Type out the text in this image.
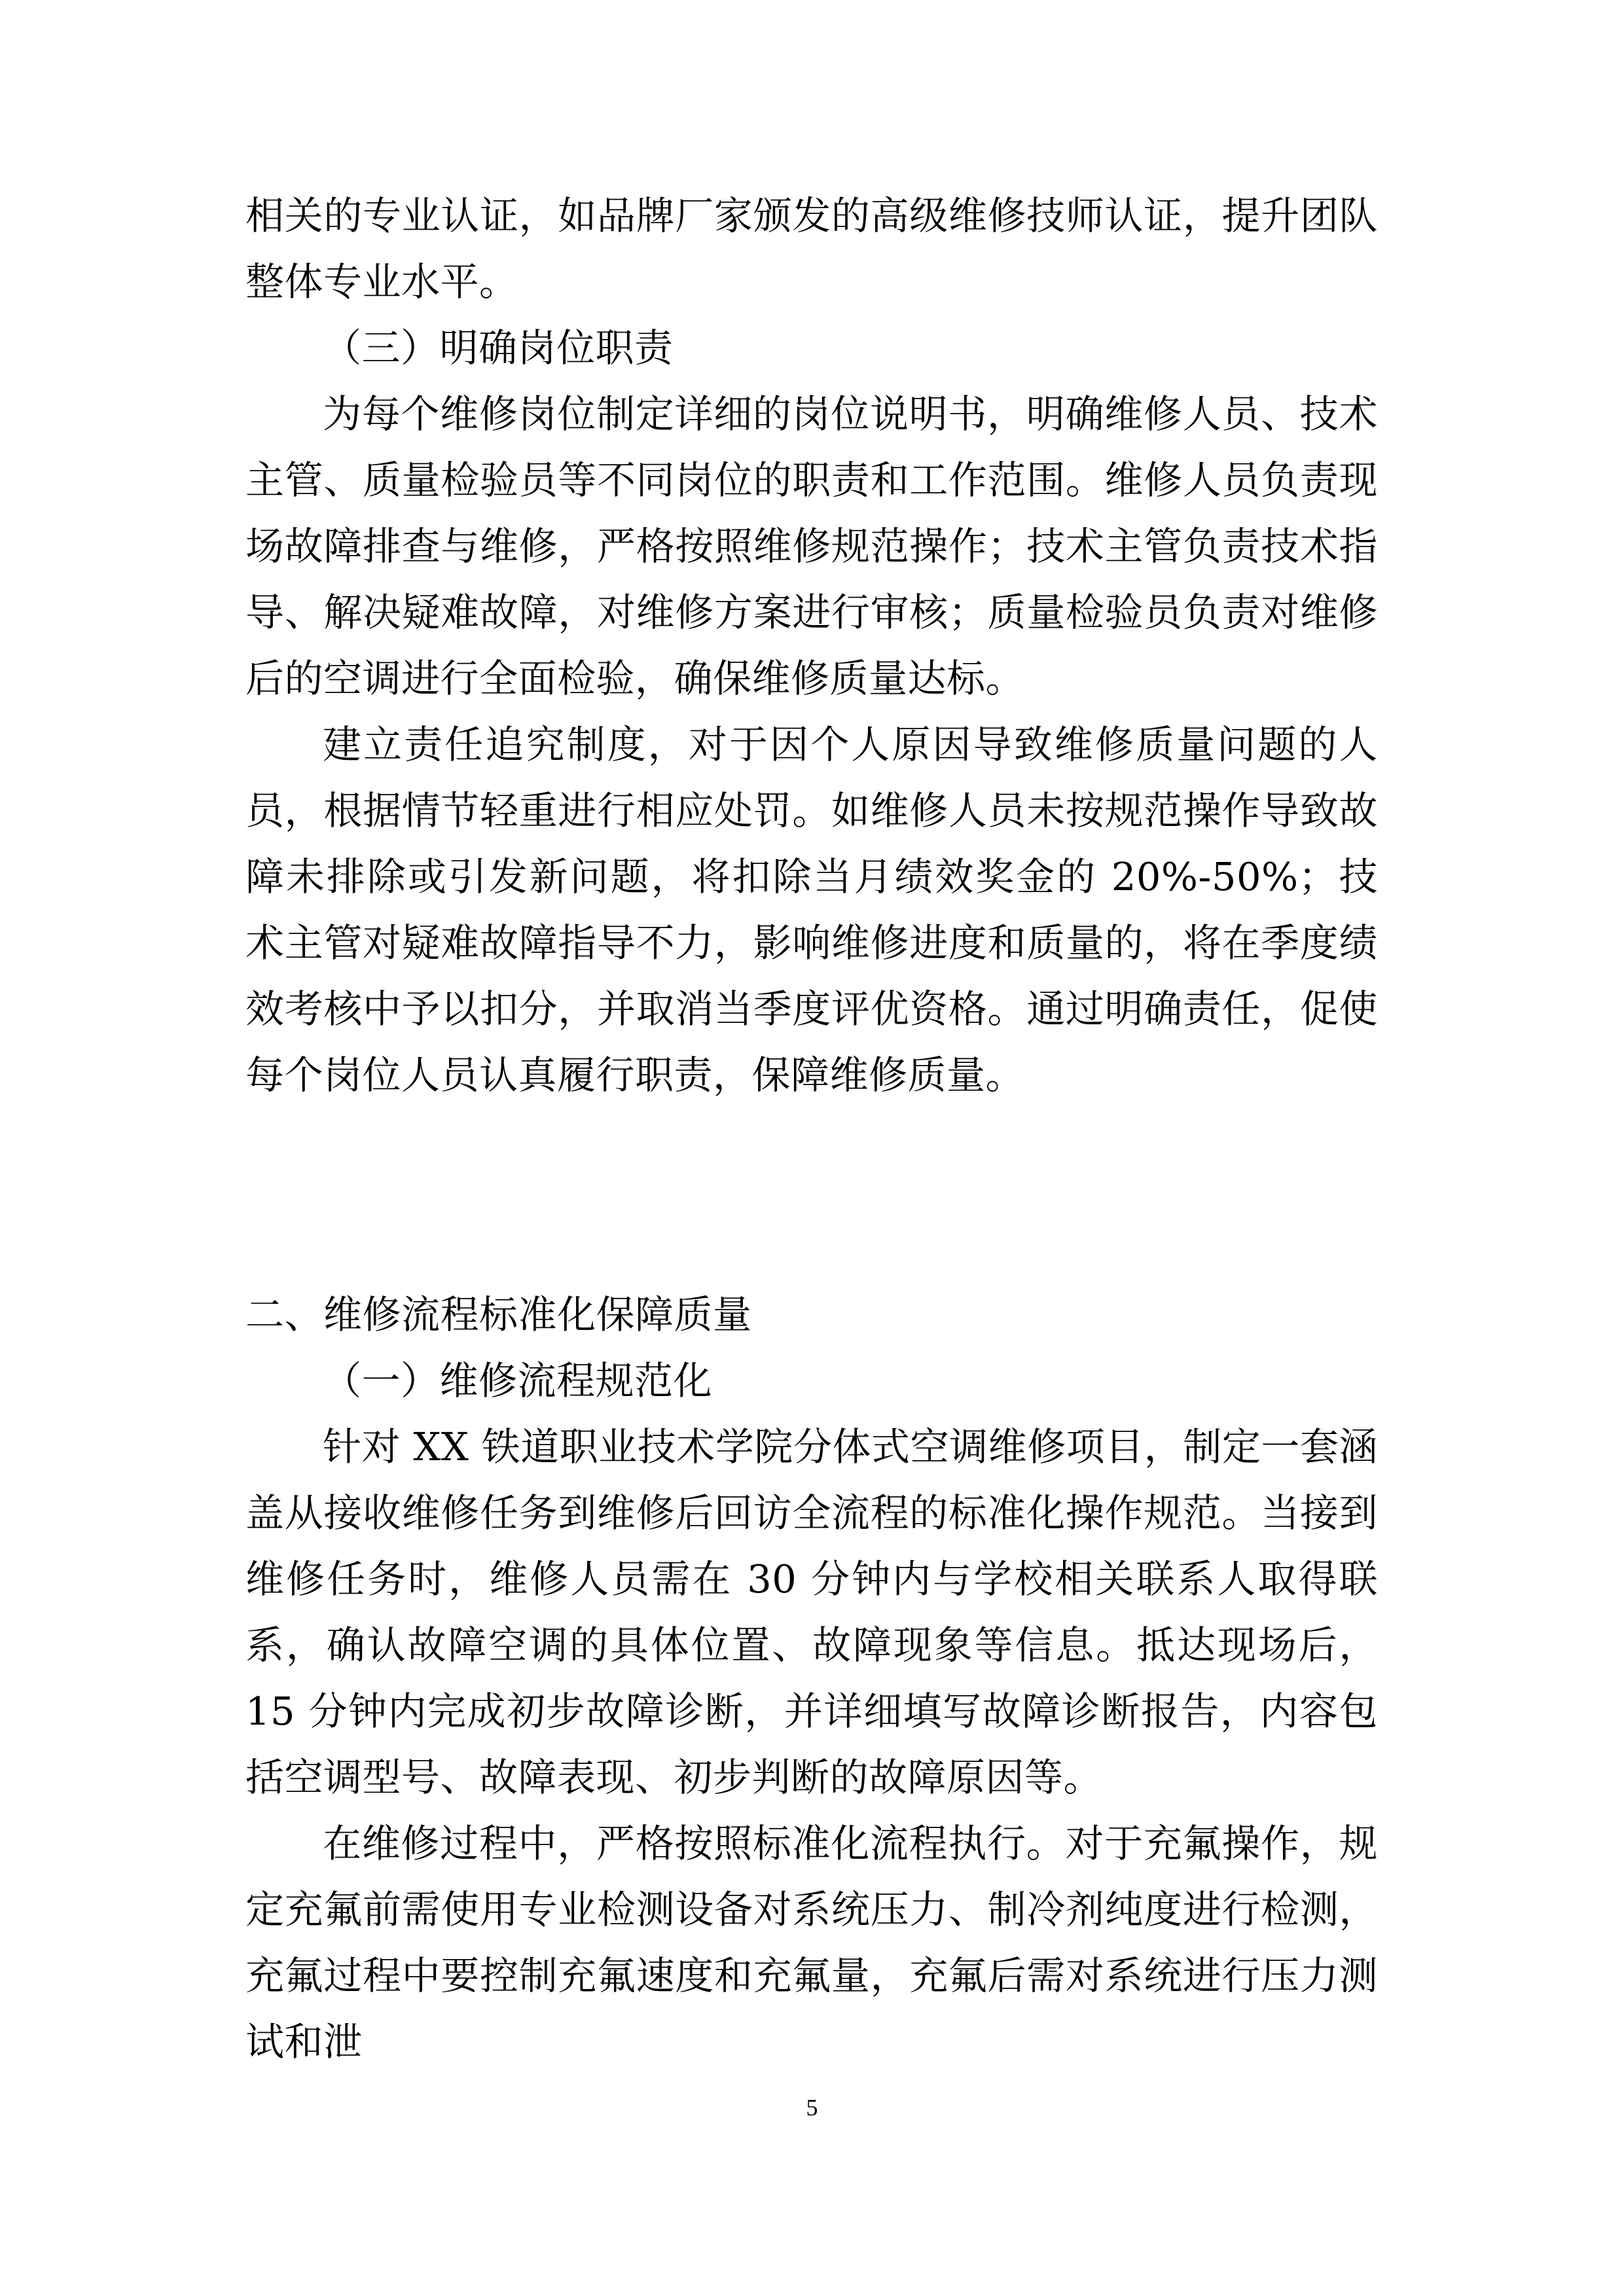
相关的专业认证，如品牌厂家颁发的高级维修技师认证，提升团队整体专业水平。

（三）明确岗位职责

为每个维修岗位制定详细的岗位说明书，明确维修人员、技术主管、质量检验员等不同岗位的职责和工作范围。维修人员负责现场故障排查与维修，严格按照维修规范操作；技术主管负责技术指导、解决疑难故障，对维修方案进行审核；质量检验员负责对维修后的空调进行全面检验，确保维修质量达标。

建立责任追究制度，对于因个人原因导致维修质量问题的人员，根据情节轻重进行相应处罚。如维修人员未按规范操作导致故障未排除或引发新问题，将扣除当月绩效奖金的 20%-50%；技术主管对疑难故障指导不力，影响维修进度和质量的，将在季度绩效考核中予以扣分，并取消当季度评优资格。通过明确责任，促使每个岗位人员认真履行职责，保障维修质量。

二、维修流程标准化保障质量

（一）维修流程规范化

针对 XX 铁道职业技术学院分体式空调维修项目，制定一套涵盖从接收维修任务到维修后回访全流程的标准化操作规范。当接到维修任务时，维修人员需在 30 分钟内与学校相关联系人取得联系，确认故障空调的具体位置、故障现象等信息。抵达现场后，15 分钟内完成初步故障诊断，并详细填写故障诊断报告，内容包括空调型号、故障表现、初步判断的故障原因等。

在维修过程中，严格按照标准化流程执行。对于充氟操作，规定充氟前需使用专业检测设备对系统压力、制冷剂纯度进行检测，充氟过程中要控制充氟速度和充氟量，充氟后需对系统进行压力测试和泄

5
